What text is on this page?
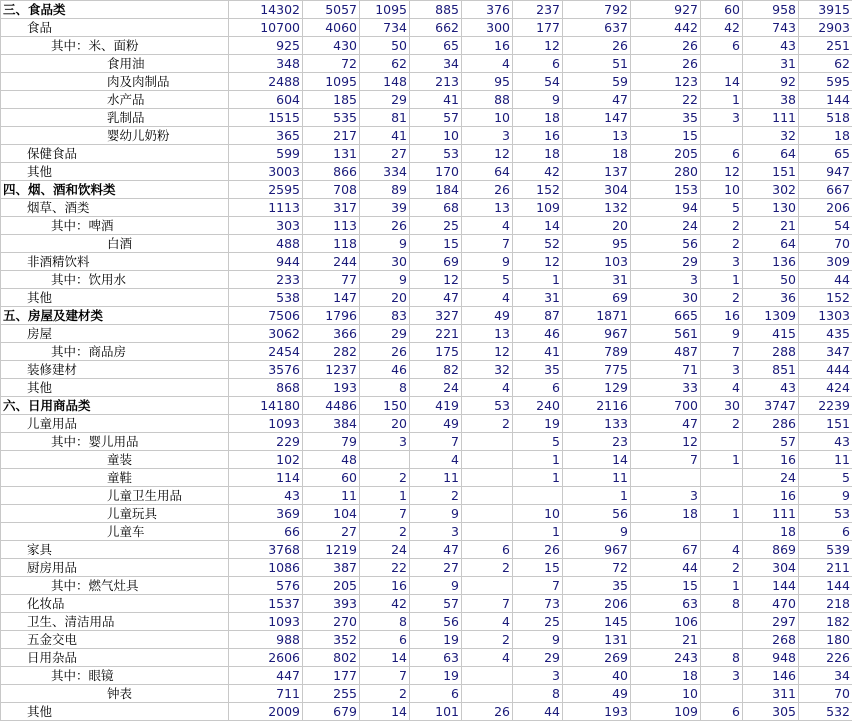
三、食品类	14302	5057	1095	885	376	237	792	927	60	958	3915
食品	10700	4060	734	662	300	177	637	442	42	743	2903
其中：米、面粉	925	430	50	65	16	12	26	26	6	43	251
食用油	348	72	62	34	4	6	51	26		31	62
肉及肉制品	2488	1095	148	213	95	54	59	123	14	92	595
水产品	604	185	29	41	88	9	47	22	1	38	144
乳制品	1515	535	81	57	10	18	147	35	3	111	518
婴幼儿奶粉	365	217	41	10	3	16	13	15		32	18
保健食品	599	131	27	53	12	18	18	205	6	64	65
其他	3003	866	334	170	64	42	137	280	12	151	947
四、烟、酒和饮料类	2595	708	89	184	26	152	304	153	10	302	667
烟草、酒类	1113	317	39	68	13	109	132	94	5	130	206
其中：啤酒	303	113	26	25	4	14	20	24	2	21	54
白酒	488	118	9	15	7	52	95	56	2	64	70
非酒精饮料	944	244	30	69	9	12	103	29	3	136	309
其中：饮用水	233	77	9	12	5	1	31	3	1	50	44
其他	538	147	20	47	4	31	69	30	2	36	152
五、房屋及建材类	7506	1796	83	327	49	87	1871	665	16	1309	1303
房屋	3062	366	29	221	13	46	967	561	9	415	435
其中：商品房	2454	282	26	175	12	41	789	487	7	288	347
装修建材	3576	1237	46	82	32	35	775	71	3	851	444
其他	868	193	8	24	4	6	129	33	4	43	424
六、日用商品类	14180	4486	150	419	53	240	2116	700	30	3747	2239
儿童用品	1093	384	20	49	2	19	133	47	2	286	151
其中：婴儿用品	229	79	3	7		5	23	12		57	43
童装	102	48		4		1	14	7	1	16	11
童鞋	114	60	2	11		1	11			24	5
儿童卫生用品	43	11	1	2			1	3		16	9
儿童玩具	369	104	7	9		10	56	18	1	111	53
儿童车	66	27	2	3		1	9			18	6
家具	3768	1219	24	47	6	26	967	67	4	869	539
厨房用品	1086	387	22	27	2	15	72	44	2	304	211
其中：燃气灶具	576	205	16	9		7	35	15	1	144	144
化妆品	1537	393	42	57	7	73	206	63	8	470	218
卫生、清洁用品	1093	270	8	56	4	25	145	106		297	182
五金交电	988	352	6	19	2	9	131	21		268	180
日用杂品	2606	802	14	63	4	29	269	243	8	948	226
其中：眼镜	447	177	7	19		3	40	18	3	146	34
钟表	711	255	2	6		8	49	10		311	70
其他	2009	679	14	101	26	44	193	109	6	305	532
